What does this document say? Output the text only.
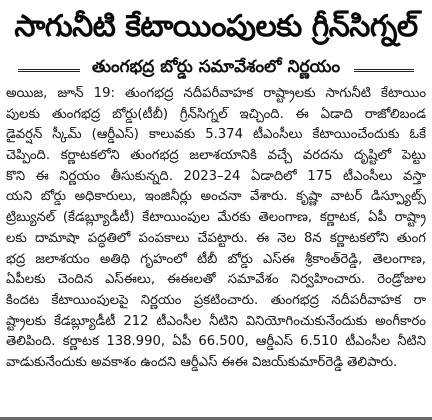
సాగునీటి కేటాయింపులకు గ్రీన్‌సిగ్నల్
తుంగభద్ర బోర్డు సమావేశంలో నిర్ణయం
అయిజ, జూన్ 19: తుంగభద్ర నదీపరీవాహక రాష్ట్రాలకు సాగునీటి కేటాయిం
పులకు తుంగభద్ర బోర్డు(టీబీ) గ్రీన్‌సిగ్నల్ ఇచ్చింది. ఈ ఏడాది రాజోలిబండ
డైవర్షన్ స్కీమ్ (ఆర్డీఎస్) కాలువకు 5.374 టీఎంసీలు కేటాయించేందుకు ఓకే
చెప్పింది. కర్ణాటకలోని తుంగభద్ర జలాశయానికి వచ్చే వరదను దృష్టిలో పెట్టు
కొని ఈ నిర్ణయం తీసుకున్నది. 2023–24 ఏడాదిలో 175 టీఎంసీలు వస్తా
యని బోర్డు అధికారులు, ఇంజినీర్లు అంచనా వేశారు. కృష్ణా వాటర్ డిస్ప్యూట్స్
ట్రిబ్యునల్ (కేడబ్ల్యూడీటీ) కేటాయింపుల మేరకు తెలంగాణ, కర్ణాటక, ఏపీ రాష్ట్రా
లకు దామాషా పద్ధతిలో పంపకాలు చేపట్టారు. ఈ నెల 8న కర్ణాటకలోని తుంగ
భద్ర జలాశయం అతిథి గృహంలో టీబీ బోర్డు ఎస్‌ఈ శ్రీకాంత్‌రెడ్డి, తెలంగాణ,
ఏపీలకు చెందిన ఎస్‌ఈలు, ఈఈలతో సమావేశం నిర్వహించారు. రెండ్రోజుల
కిందట కేటాయింపులపై నిర్ణయం ప్రకటించారు. తుంగభద్ర నదీపరీవాహక రా
ష్ట్రాలకు కేడబ్ల్యూడీటీ 212 టీఎంసీల నీటిని వినియోగించుకునేందుకు అంగీకారం
తెలిపింది. కర్ణాటక 138.990, ఏపీ 66.500, ఆర్డీఎస్ 6.510 టీఎంసీల నీటిని
వాడుకునేందుకు అవకాశం ఉందని ఆర్డీఎస్ ఈఈ విజయ్‌కుమార్‌రెడ్డి తెలిపారు.
